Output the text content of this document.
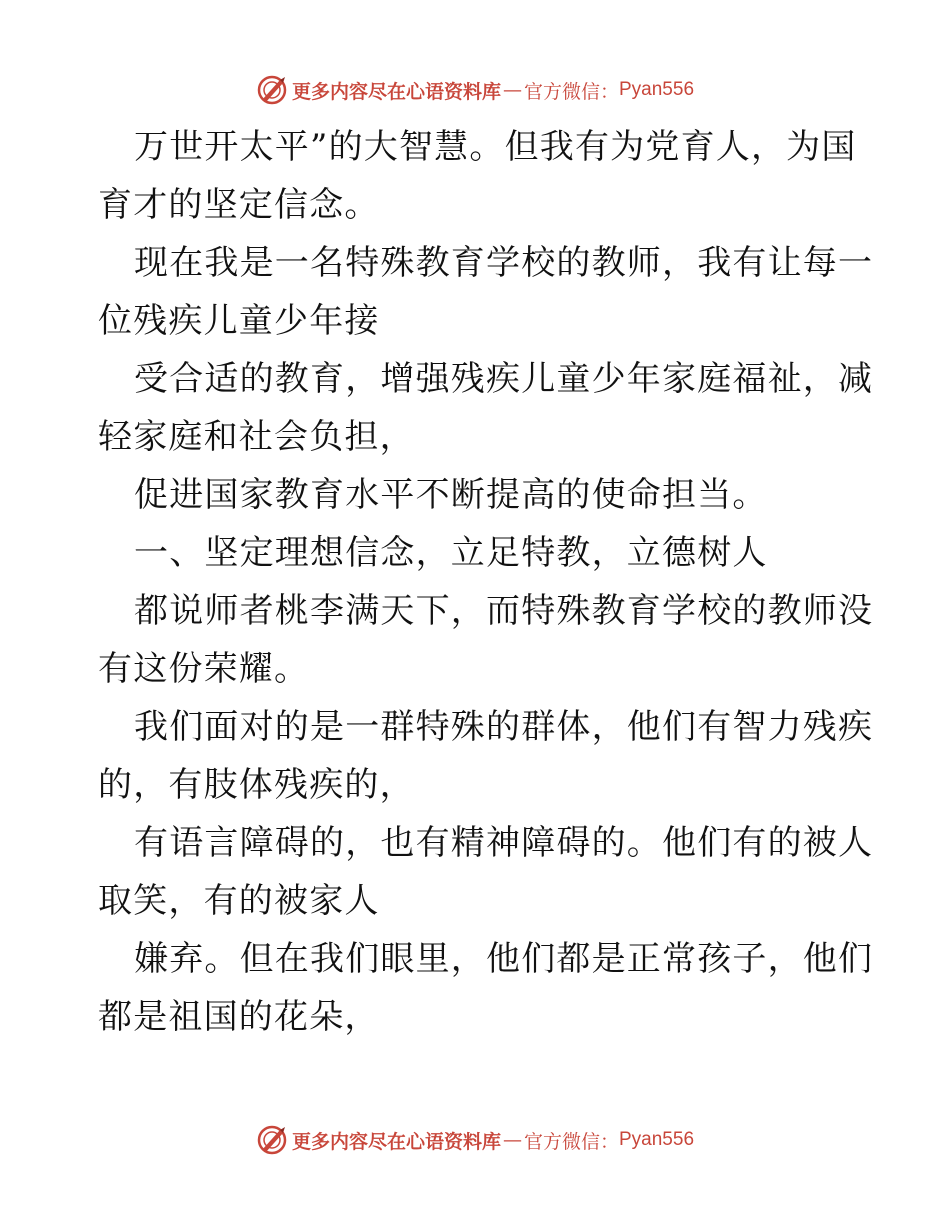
更多内容尽在心语资料库 — 官方微信： Pyan556
万世开太平”的大智慧。但我有为党育人，为国
育才的坚定信念。
现在我是一名特殊教育学校的教师，我有让每一
位残疾儿童少年接
受合适的教育，增强残疾儿童少年家庭福祉，减
轻家庭和社会负担，
促进国家教育水平不断提高的使命担当。
一、坚定理想信念，立足特教，立德树人
都说师者桃李满天下，而特殊教育学校的教师没
有这份荣耀。
我们面对的是一群特殊的群体，他们有智力残疾
的，有肢体残疾的，
有语言障碍的，也有精神障碍的。他们有的被人
取笑，有的被家人
嫌弃。但在我们眼里，他们都是正常孩子，他们
都是祖国的花朵，
更多内容尽在心语资料库 — 官方微信： Pyan556
